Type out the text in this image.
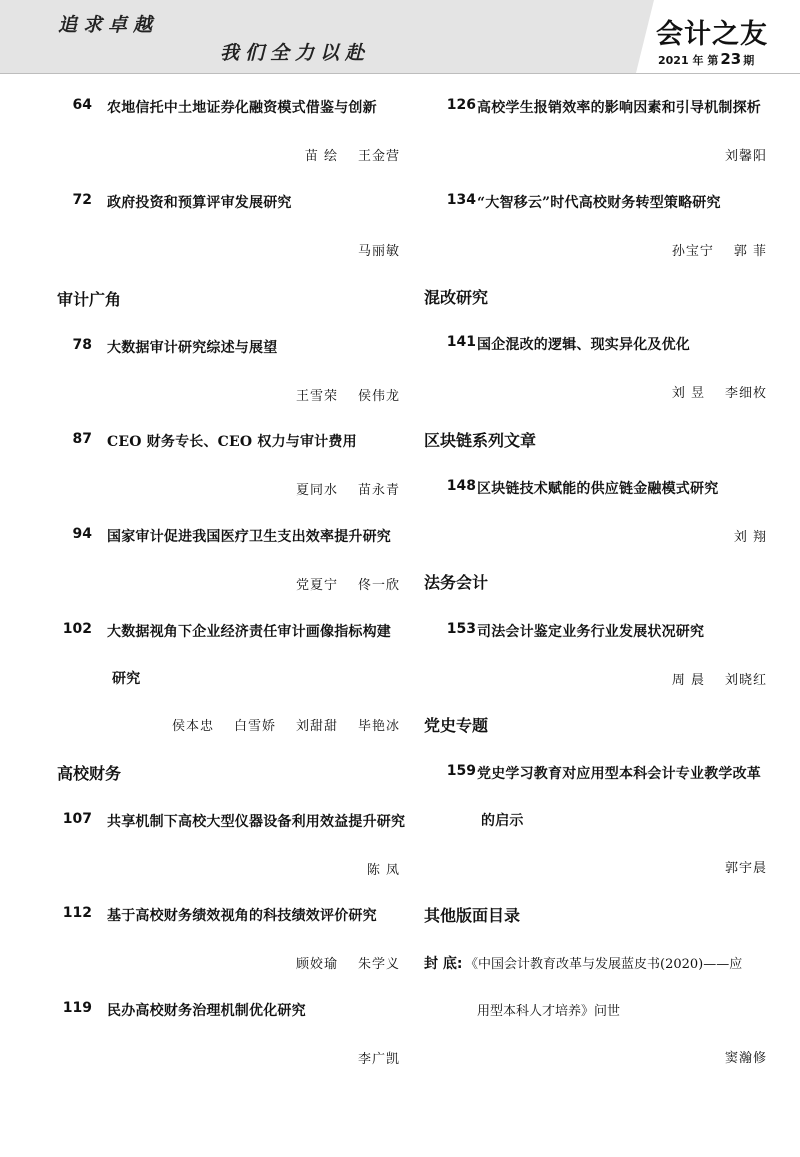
追求卓越
我们全力以赴
会计之友
2021 年 第 23 期
64 农地信托中土地证券化融资模式借鉴与创新
苗 绘 王金营
72 政府投资和预算评审发展研究
马丽敏
审计广角
78 大数据审计研究综述与展望
王雪荣 侯伟龙
87 CEO 财务专长、CEO 权力与审计费用
夏同水 苗永青
94 国家审计促进我国医疗卫生支出效率提升研究
党夏宁 佟一欣
102 大数据视角下企业经济责任审计画像指标构建
研究
侯本忠 白雪娇 刘甜甜 毕艳冰
高校财务
107 共享机制下高校大型仪器设备利用效益提升研究
陈 凤
112 基于高校财务绩效视角的科技绩效评价研究
顾姣瑜 朱学义
119 民办高校财务治理机制优化研究
李广凯
126 高校学生报销效率的影响因素和引导机制探析
刘馨阳
134 “大智移云”时代高校财务转型策略研究
孙宝宁 郭 菲
混改研究
141 国企混改的逻辑、现实异化及优化
刘 昱 李细枚
区块链系列文章
148 区块链技术赋能的供应链金融模式研究
刘 翔
法务会计
153 司法会计鉴定业务行业发展状况研究
周 晨 刘晓红
党史专题
159 党史学习教育对应用型本科会计专业教学改革
的启示
郭宇晨
其他版面目录
封 底: 《中国会计教育改革与发展蓝皮书(2020)——应
用型本科人才培养》问世
窦瀚修
